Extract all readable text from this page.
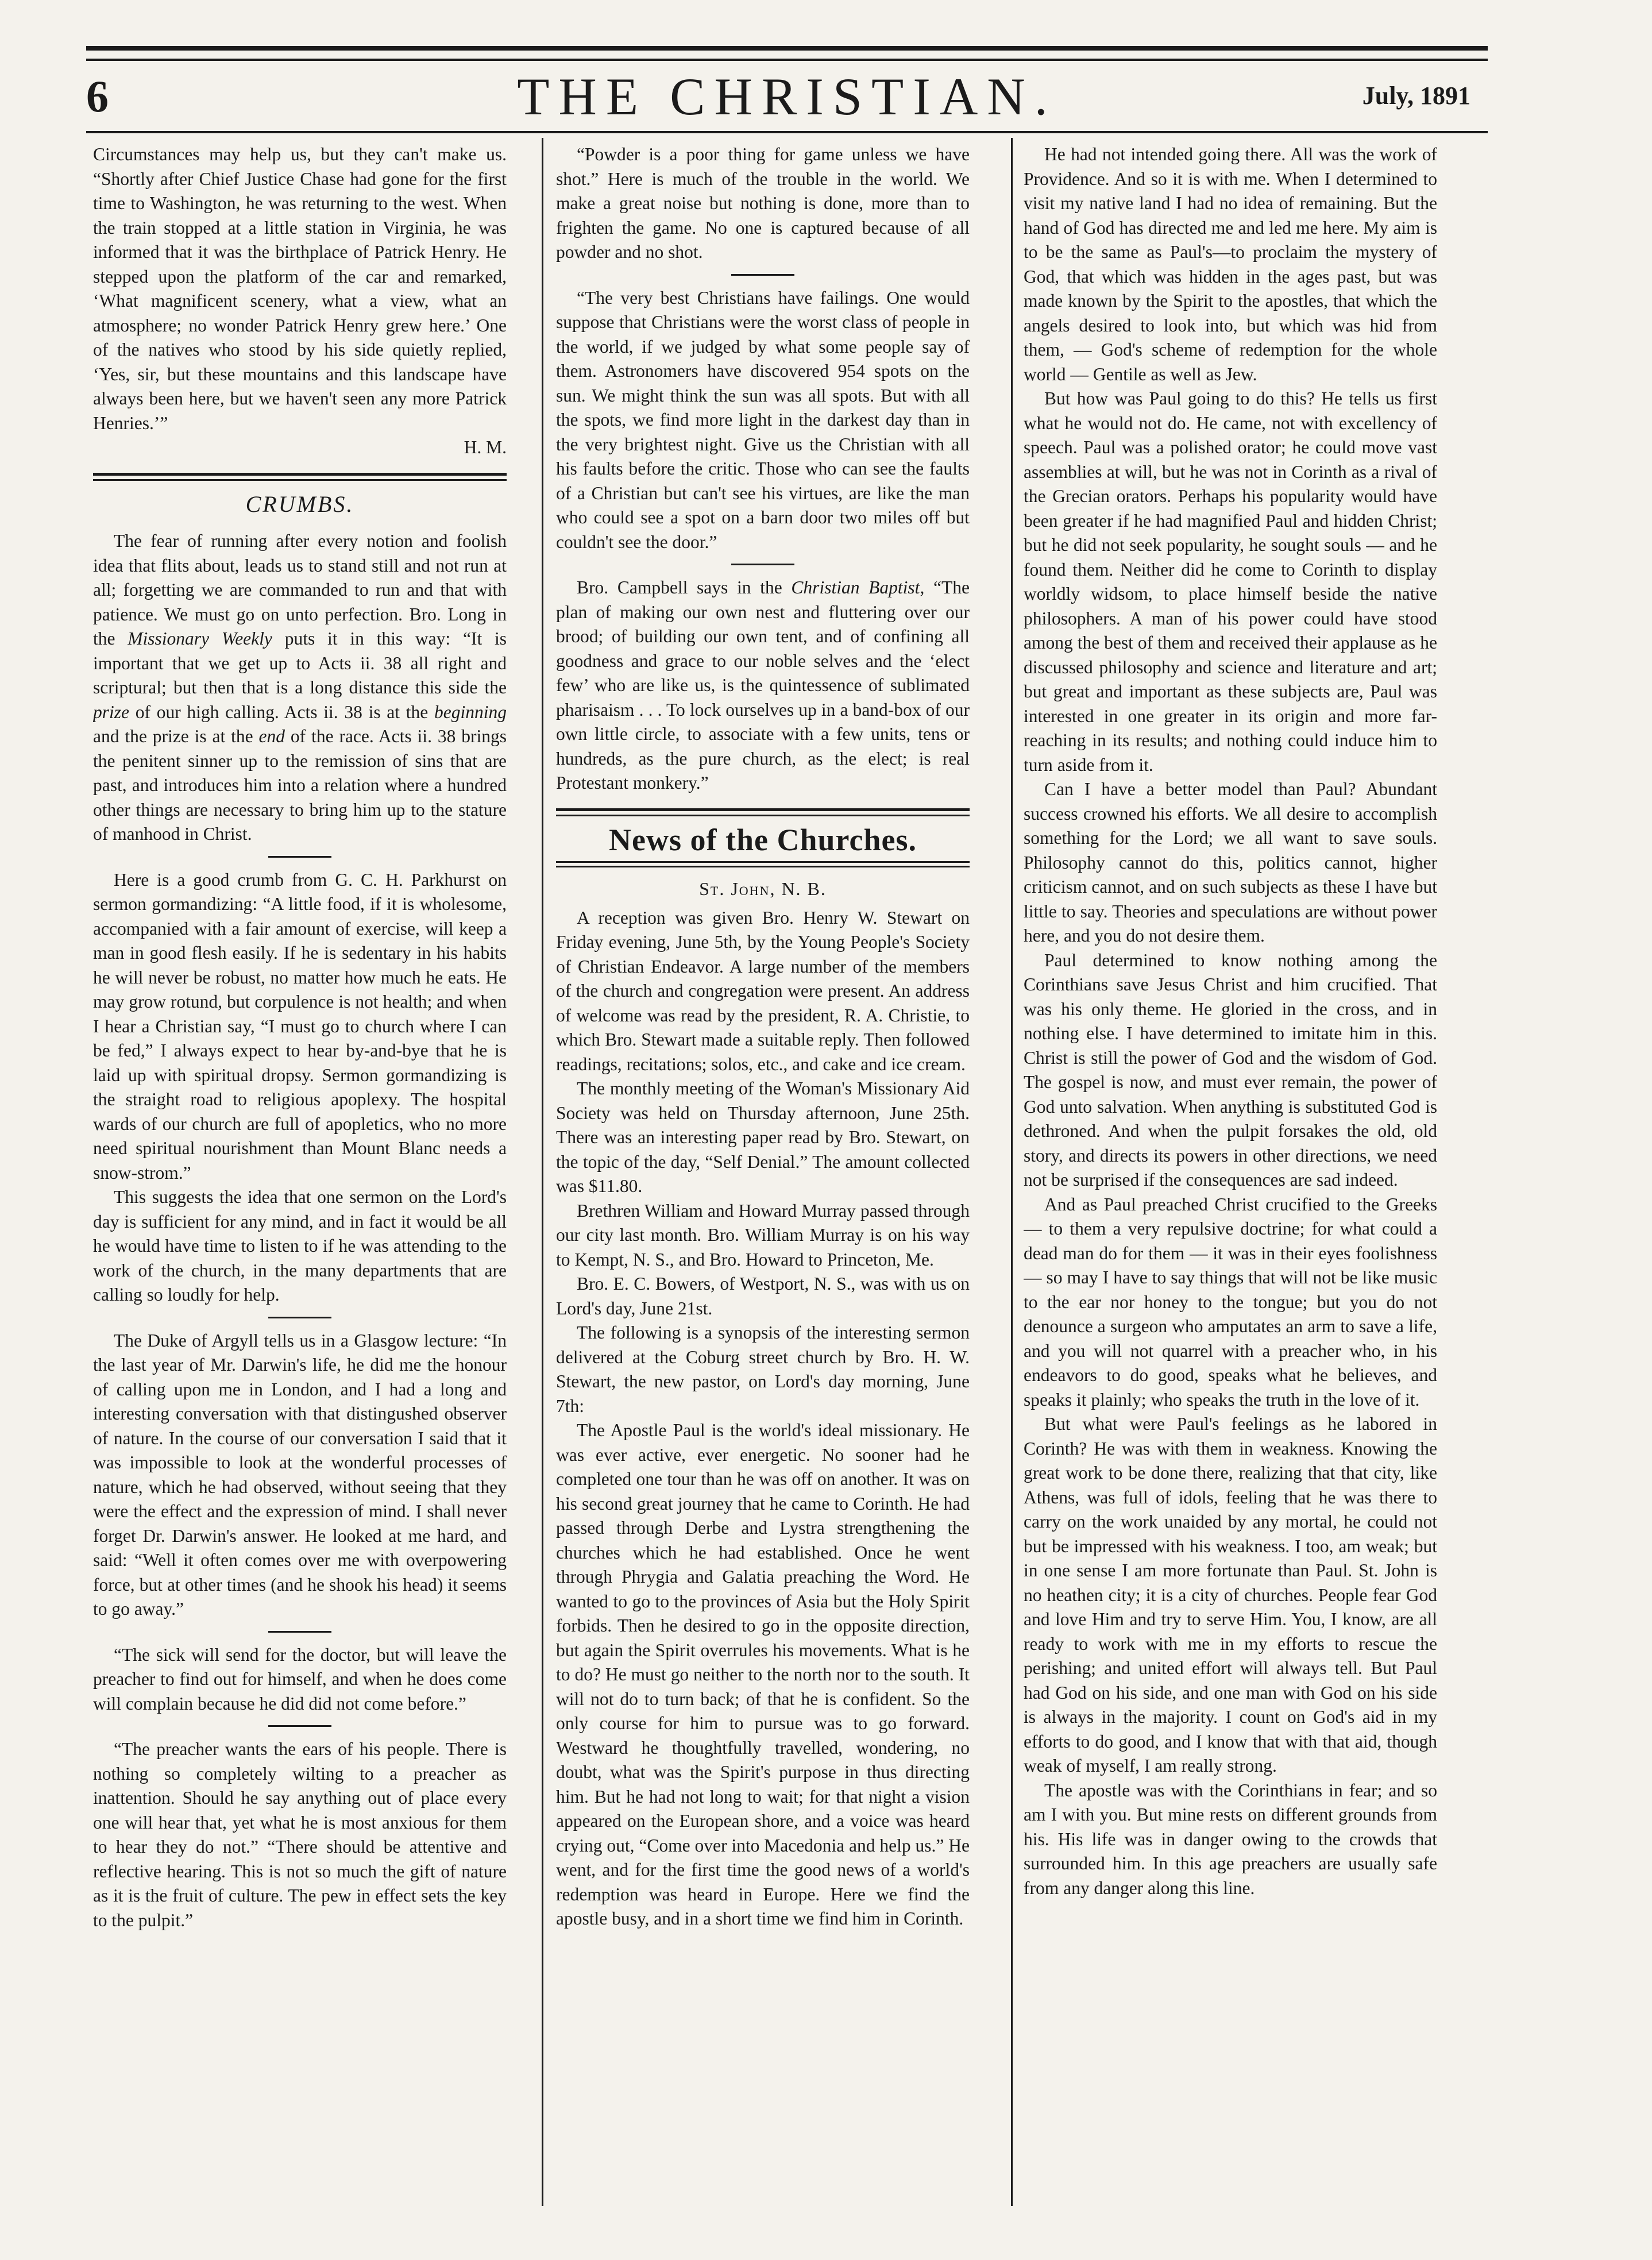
6	THE CHRISTIAN.	July, 1891

Circumstances may help us, but they can't make us. “Shortly after Chief Justice Chase had gone for the first time to Washington, he was returning to the west. When the train stopped at a little station in Virginia, he was informed that it was the birthplace of Patrick Henry. He stepped upon the platform of the car and remarked, ‘What magnificent scenery, what a view, what an atmosphere; no wonder Patrick Henry grew here.’ One of the natives who stood by his side quietly replied, ‘Yes, sir, but these mountains and this landscape have always been here, but we haven't seen any more Patrick Henries.’”

H. M.

CRUMBS.

The fear of running after every notion and foolish idea that flits about, leads us to stand still and not run at all; forgetting we are commanded to run and that with patience. We must go on unto perfection. Bro. Long in the Missionary Weekly puts it in this way: “It is important that we get up to Acts ii. 38 all right and scriptural; but then that is a long distance this side the prize of our high calling. Acts ii. 38 is at the beginning and the prize is at the end of the race. Acts ii. 38 brings the penitent sinner up to the remission of sins that are past, and introduces him into a relation where a hundred other things are necessary to bring him up to the stature of manhood in Christ.

Here is a good crumb from G. C. H. Parkhurst on sermon gormandizing: “A little food, if it is wholesome, accompanied with a fair amount of exercise, will keep a man in good flesh easily. If he is sedentary in his habits he will never be robust, no matter how much he eats. He may grow rotund, but corpulence is not health; and when I hear a Christian say, “I must go to church where I can be fed,” I always expect to hear by-and-bye that he is laid up with spiritual dropsy. Sermon gormandizing is the straight road to religious apoplexy. The hospital wards of our church are full of apopletics, who no more need spiritual nourishment than Mount Blanc needs a snow-strom.”

This suggests the idea that one sermon on the Lord's day is sufficient for any mind, and in fact it would be all he would have time to listen to if he was attending to the work of the church, in the many departments that are calling so loudly for help.

The Duke of Argyll tells us in a Glasgow lecture: “In the last year of Mr. Darwin's life, he did me the honour of calling upon me in London, and I had a long and interesting conversation with that distingushed observer of nature. In the course of our conversation I said that it was impossible to look at the wonderful processes of nature, which he had observed, without seeing that they were the effect and the expression of mind. I shall never forget Dr. Darwin's answer. He looked at me hard, and said: “Well it often comes over me with overpowering force, but at other times (and he shook his head) it seems to go away.”

“The sick will send for the doctor, but will leave the preacher to find out for himself, and when he does come will complain because he did did not come before.”

“The preacher wants the ears of his people. There is nothing so completely wilting to a preacher as inattention. Should he say anything out of place every one will hear that, yet what he is most anxious for them to hear they do not.” “There should be attentive and reflective hearing. This is not so much the gift of nature as it is the fruit of culture. The pew in effect sets the key to the pulpit.”

“Powder is a poor thing for game unless we have shot.” Here is much of the trouble in the world. We make a great noise but nothing is done, more than to frighten the game. No one is captured because of all powder and no shot.

“The very best Christians have failings. One would suppose that Christians were the worst class of people in the world, if we judged by what some people say of them. Astronomers have discovered 954 spots on the sun. We might think the sun was all spots. But with all the spots, we find more light in the darkest day than in the very brightest night. Give us the Christian with all his faults before the critic. Those who can see the faults of a Christian but can't see his virtues, are like the man who could see a spot on a barn door two miles off but couldn't see the door.”

Bro. Campbell says in the Christian Baptist, “The plan of making our own nest and fluttering over our brood; of building our own tent, and of confining all goodness and grace to our noble selves and the ‘elect few’ who are like us, is the quintessence of sublimated pharisaism . . . To lock ourselves up in a band-box of our own little circle, to associate with a few units, tens or hundreds, as the pure church, as the elect; is real Protestant monkery.”

News of the Churches.
St. John, N. B.

A reception was given Bro. Henry W. Stewart on Friday evening, June 5th, by the Young People's Society of Christian Endeavor. A large number of the members of the church and congregation were present. An address of welcome was read by the president, R. A. Christie, to which Bro. Stewart made a suitable reply. Then followed readings, recitations; solos, etc., and cake and ice cream.

The monthly meeting of the Woman's Missionary Aid Society was held on Thursday afternoon, June 25th. There was an interesting paper read by Bro. Stewart, on the topic of the day, “Self Denial.” The amount collected was $11.80.

Brethren William and Howard Murray passed through our city last month. Bro. William Murray is on his way to Kempt, N. S., and Bro. Howard to Princeton, Me.

Bro. E. C. Bowers, of Westport, N. S., was with us on Lord's day, June 21st.

The following is a synopsis of the interesting sermon delivered at the Coburg street church by Bro. H. W. Stewart, the new pastor, on Lord's day morning, June 7th:

The Apostle Paul is the world's ideal missionary. He was ever active, ever energetic. No sooner had he completed one tour than he was off on another. It was on his second great journey that he came to Corinth. He had passed through Derbe and Lystra strengthening the churches which he had established. Once he went through Phrygia and Galatia preaching the Word. He wanted to go to the provinces of Asia but the Holy Spirit forbids. Then he desired to go in the opposite direction, but again the Spirit overrules his movements. What is he to do? He must go neither to the north nor to the south. It will not do to turn back; of that he is confident. So the only course for him to pursue was to go forward. Westward he thoughtfully travelled, wondering, no doubt, what was the Spirit's purpose in thus directing him. But he had not long to wait; for that night a vision appeared on the European shore, and a voice was heard crying out, “Come over into Macedonia and help us.” He went, and for the first time the good news of a world's redemption was heard in Europe. Here we find the apostle busy, and in a short time we find him in Corinth.

He had not intended going there. All was the work of Providence. And so it is with me. When I determined to visit my native land I had no idea of remaining. But the hand of God has directed me and led me here. My aim is to be the same as Paul's—to proclaim the mystery of God, that which was hidden in the ages past, but was made known by the Spirit to the apostles, that which the angels desired to look into, but which was hid from them, — God's scheme of redemption for the whole world — Gentile as well as Jew.

But how was Paul going to do this? He tells us first what he would not do. He came, not with excellency of speech. Paul was a polished orator; he could move vast assemblies at will, but he was not in Corinth as a rival of the Grecian orators. Perhaps his popularity would have been greater if he had magnified Paul and hidden Christ; but he did not seek popularity, he sought souls — and he found them. Neither did he come to Corinth to display worldly widsom, to place himself beside the native philosophers. A man of his power could have stood among the best of them and received their applause as he discussed philosophy and science and literature and art; but great and important as these subjects are, Paul was interested in one greater in its origin and more far-reaching in its results; and nothing could induce him to turn aside from it.

Can I have a better model than Paul? Abundant success crowned his efforts. We all desire to accomplish something for the Lord; we all want to save souls. Philosophy cannot do this, politics cannot, higher criticism cannot, and on such subjects as these I have but little to say. Theories and speculations are without power here, and you do not desire them.

Paul determined to know nothing among the Corinthians save Jesus Christ and him crucified. That was his only theme. He gloried in the cross, and in nothing else. I have determined to imitate him in this. Christ is still the power of God and the wisdom of God. The gospel is now, and must ever remain, the power of God unto salvation. When anything is substituted God is dethroned. And when the pulpit forsakes the old, old story, and directs its powers in other directions, we need not be surprised if the consequences are sad indeed.

And as Paul preached Christ crucified to the Greeks — to them a very repulsive doctrine; for what could a dead man do for them — it was in their eyes foolishness — so may I have to say things that will not be like music to the ear nor honey to the tongue; but you do not denounce a surgeon who amputates an arm to save a life, and you will not quarrel with a preacher who, in his endeavors to do good, speaks what he believes, and speaks it plainly; who speaks the truth in the love of it.

But what were Paul's feelings as he labored in Corinth? He was with them in weakness. Knowing the great work to be done there, realizing that that city, like Athens, was full of idols, feeling that he was there to carry on the work unaided by any mortal, he could not but be impressed with his weakness. I too, am weak; but in one sense I am more fortunate than Paul. St. John is no heathen city; it is a city of churches. People fear God and love Him and try to serve Him. You, I know, are all ready to work with me in my efforts to rescue the perishing; and united effort will always tell. But Paul had God on his side, and one man with God on his side is always in the majority. I count on God's aid in my efforts to do good, and I know that with that aid, though weak of myself, I am really strong.

The apostle was with the Corinthians in fear; and so am I with you. But mine rests on different grounds from his. His life was in danger owing to the crowds that surrounded him. In this age preachers are usually safe from any danger along this line.
